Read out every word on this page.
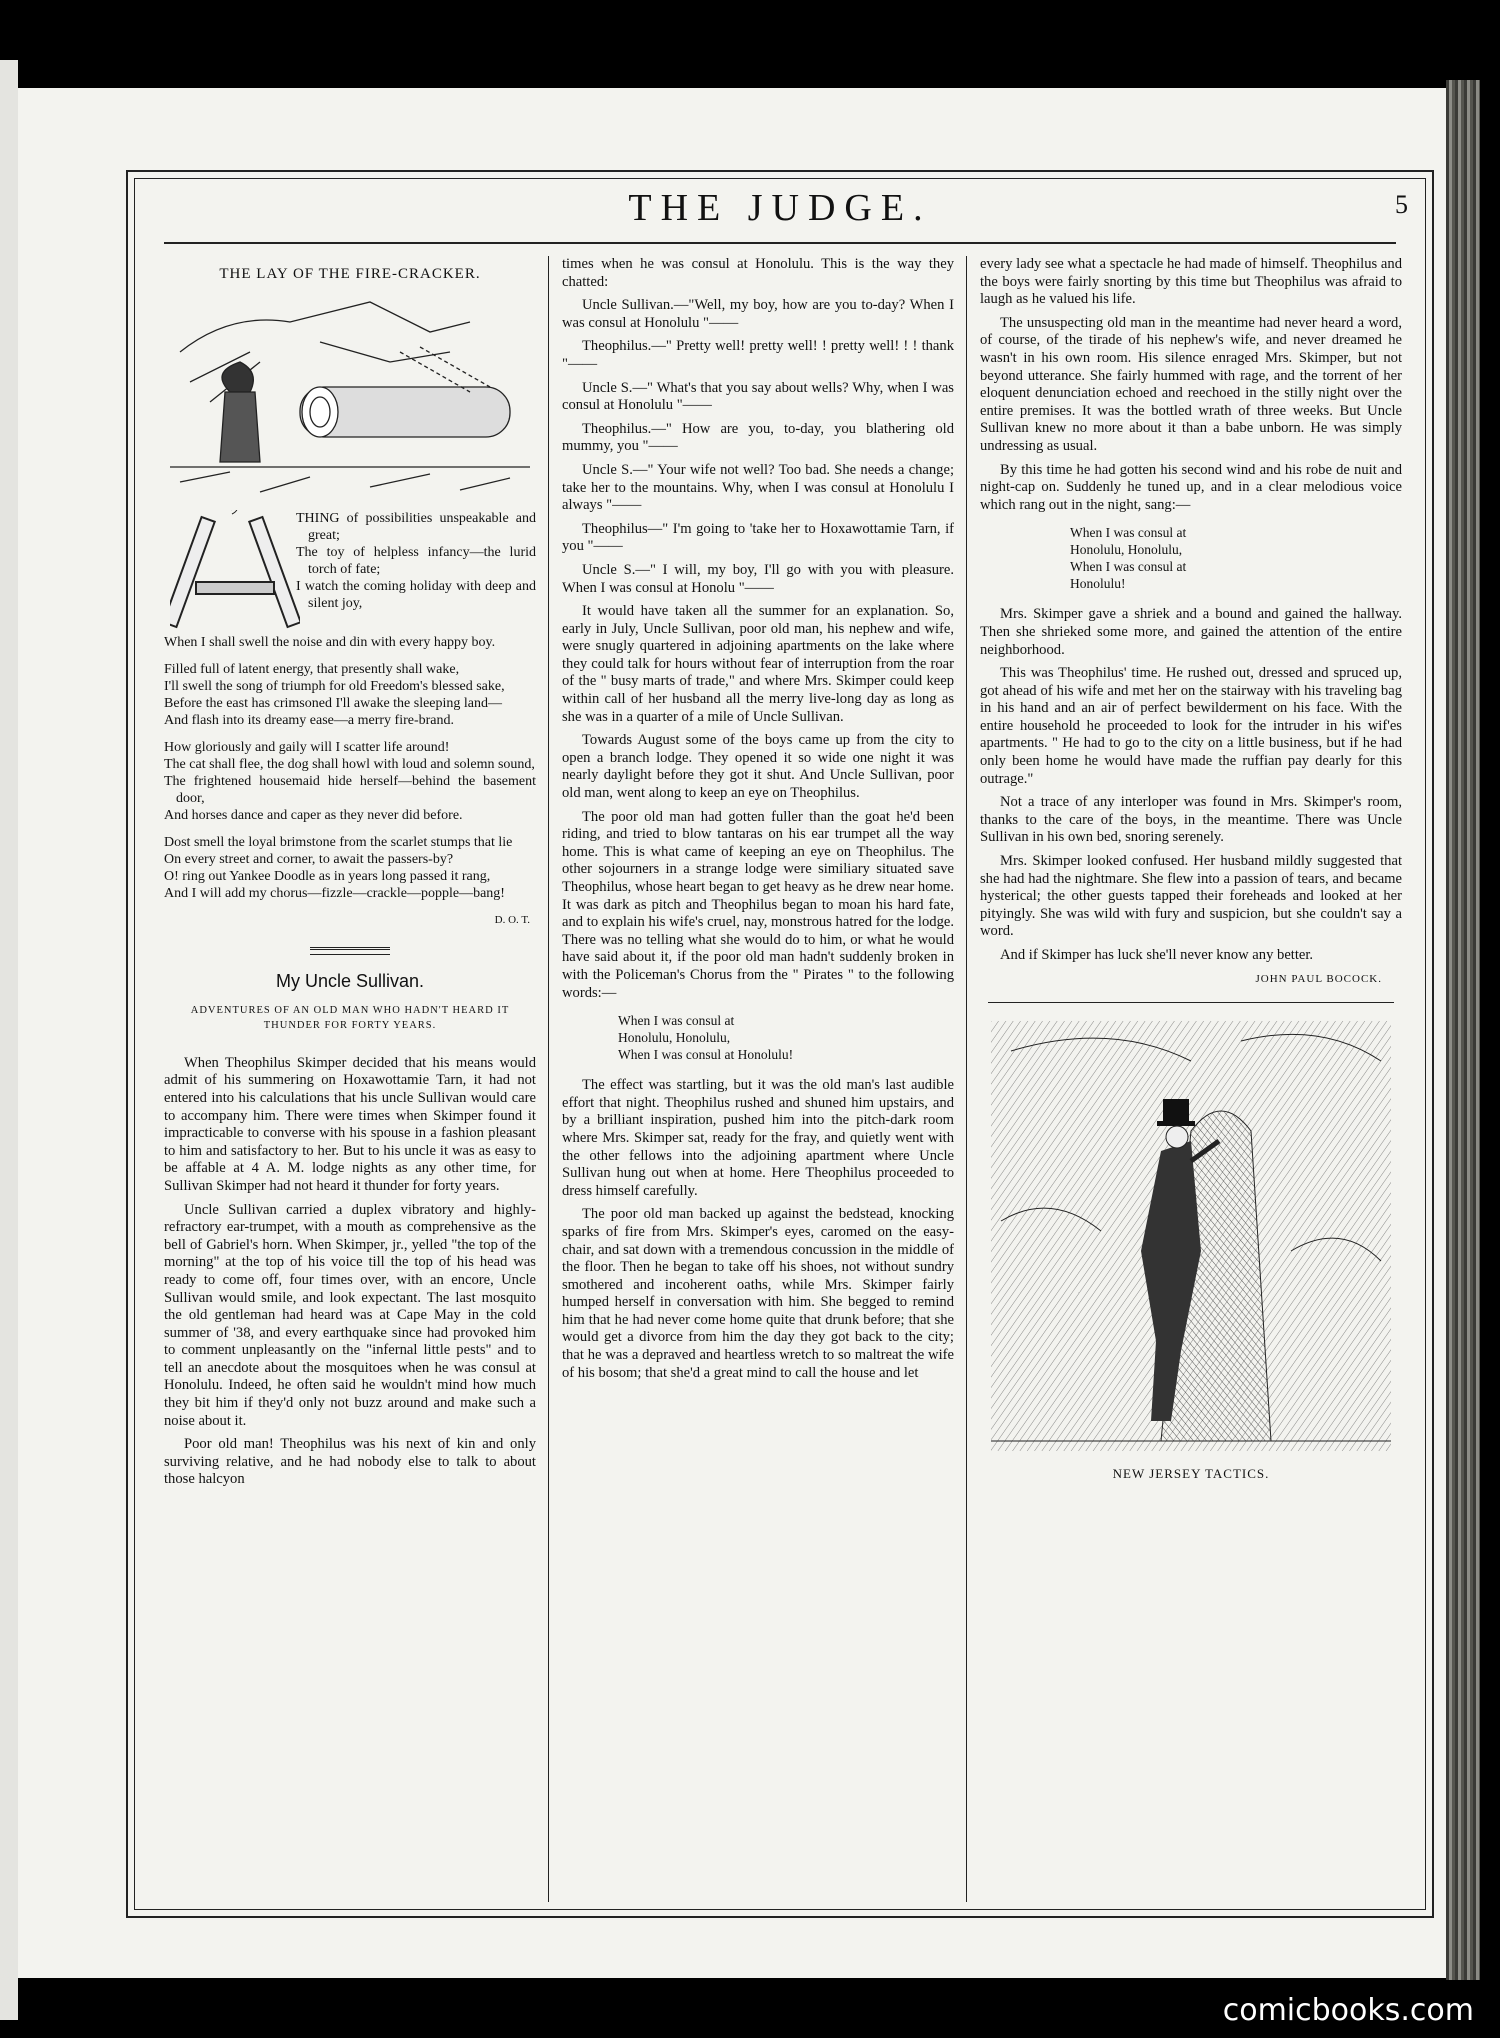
THE JUDGE.	5
THE LAY OF THE FIRE-CRACKER.
THING of possibilities unspeakable and great;
The toy of helpless infancy—the lurid torch of fate;
I watch the coming holiday with deep and silent joy,
When I shall swell the noise and din with every happy boy.
Filled full of latent energy, that presently shall wake,
I'll swell the song of triumph for old Freedom's blessed sake,
Before the east has crimsoned I'll awake the sleeping land—
And flash into its dreamy ease—a merry fire-brand.
How gloriously and gaily will I scatter life around!
The cat shall flee, the dog shall howl with loud and solemn sound,
The frightened housemaid hide herself—behind the basement door,
And horses dance and caper as they never did before.
Dost smell the loyal brimstone from the scarlet stumps that lie
On every street and corner, to await the passers-by?
O! ring out Yankee Doodle as in years long passed it rang,
And I will add my chorus—fizzle—crackle—popple—bang!
D. O. T.
My Uncle Sullivan.
ADVENTURES OF AN OLD MAN WHO HADN'T HEARD IT THUNDER FOR FORTY YEARS.

When Theophilus Skimper decided that his means would admit of his summering on Hoxawottamie Tarn, it had not entered into his calculations that his uncle Sullivan would care to accompany him. There were times when Skimper found it impracticable to converse with his spouse in a fashion pleasant to him and satisfactory to her. But to his uncle it was as easy to be affable at 4 A. M. lodge nights as any other time, for Sullivan Skimper had not heard it thunder for forty years.

Uncle Sullivan carried a duplex vibratory and highly-refractory ear-trumpet, with a mouth as comprehensive as the bell of Gabriel's horn. When Skimper, jr., yelled "the top of the morning" at the top of his voice till the top of his head was ready to come off, four times over, with an encore, Uncle Sullivan would smile, and look expectant. The last mosquito the old gentleman had heard was at Cape May in the cold summer of '38, and every earthquake since had provoked him to comment unpleasantly on the "infernal little pests" and to tell an anecdote about the mosquitoes when he was consul at Honolulu. Indeed, he often said he wouldn't mind how much they bit him if they'd only not buzz around and make such a noise about it.

Poor old man! Theophilus was his next of kin and only surviving relative, and he had nobody else to talk to about those halcyon

times when he was consul at Honolulu. This is the way they chatted:

Uncle Sullivan.—"Well, my boy, how are you to-day? When I was consul at Honolulu "——

Theophilus.—" Pretty well! pretty well! ! pretty well! ! ! thank "——

Uncle S.—" What's that you say about wells? Why, when I was consul at Honolulu "——

Theophilus.—" How are you, to-day, you blathering old mummy, you "——

Uncle S.—" Your wife not well? Too bad. She needs a change; take her to the mountains. Why, when I was consul at Honolulu I always "——

Theophilus—" I'm going to 'take her to Hoxawottamie Tarn, if you "——

Uncle S.—" I will, my boy, I'll go with you with pleasure. When I was consul at Honolu "——

It would have taken all the summer for an explanation. So, early in July, Uncle Sullivan, poor old man, his nephew and wife, were snugly quartered in adjoining apartments on the lake where they could talk for hours without fear of interruption from the roar of the " busy marts of trade," and where Mrs. Skimper could keep within call of her husband all the merry live-long day as long as she was in a quarter of a mile of Uncle Sullivan.

Towards August some of the boys came up from the city to open a branch lodge. They opened it so wide one night it was nearly daylight before they got it shut. And Uncle Sullivan, poor old man, went along to keep an eye on Theophilus.

The poor old man had gotten fuller than the goat he'd been riding, and tried to blow tantaras on his ear trumpet all the way home. This is what came of keeping an eye on Theophilus. The other sojourners in a strange lodge were similiary situated save Theophilus, whose heart began to get heavy as he drew near home. It was dark as pitch and Theophilus began to moan his hard fate, and to explain his wife's cruel, nay, monstrous hatred for the lodge. There was no telling what she would do to him, or what he would have said about it, if the poor old man hadn't suddenly broken in with the Policeman's Chorus from the " Pirates " to the following words:—

When I was consul at
Honolulu, Honolulu,
When I was consul at Honolulu!

The effect was startling, but it was the old man's last audible effort that night. Theophilus rushed and shuned him upstairs, and by a brilliant inspiration, pushed him into the pitch-dark room where Mrs. Skimper sat, ready for the fray, and quietly went with the other fellows into the adjoining apartment where Uncle Sullivan hung out when at home. Here Theophilus proceeded to dress himself carefully.

The poor old man backed up against the bedstead, knocking sparks of fire from Mrs. Skimper's eyes, caromed on the easy-chair, and sat down with a tremendous concussion in the middle of the floor. Then he began to take off his shoes, not without sundry smothered and incoherent oaths, while Mrs. Skimper fairly humped herself in conversation with him. She begged to remind him that he had never come home quite that drunk before; that she would get a divorce from him the day they got back to the city; that he was a depraved and heartless wretch to so maltreat the wife of his bosom; that she'd a great mind to call the house and let

every lady see what a spectacle he had made of himself. Theophilus and the boys were fairly snorting by this time but Theophilus was afraid to laugh as he valued his life.

The unsuspecting old man in the meantime had never heard a word, of course, of the tirade of his nephew's wife, and never dreamed he wasn't in his own room. His silence enraged Mrs. Skimper, but not beyond utterance. She fairly hummed with rage, and the torrent of her eloquent denunciation echoed and reechoed in the stilly night over the entire premises. It was the bottled wrath of three weeks. But Uncle Sullivan knew no more about it than a babe unborn. He was simply undressing as usual.

By this time he had gotten his second wind and his robe de nuit and night-cap on. Suddenly he tuned up, and in a clear melodious voice which rang out in the night, sang:—

When I was consul at
Honolulu, Honolulu,
When I was consul at
Honolulu!

Mrs. Skimper gave a shriek and a bound and gained the hallway. Then she shrieked some more, and gained the attention of the entire neighborhood.

This was Theophilus' time. He rushed out, dressed and spruced up, got ahead of his wife and met her on the stairway with his traveling bag in his hand and an air of perfect bewilderment on his face. With the entire household he proceeded to look for the intruder in his wif'es apartments. " He had to go to the city on a little business, but if he had only been home he would have made the ruffian pay dearly for this outrage."

Not a trace of any interloper was found in Mrs. Skimper's room, thanks to the care of the boys, in the meantime. There was Uncle Sullivan in his own bed, snoring serenely.

Mrs. Skimper looked confused. Her husband mildly suggested that she had had the nightmare. She flew into a passion of tears, and became hysterical; the other guests tapped their foreheads and looked at her pityingly. She was wild with fury and suspicion, but she couldn't say a word.

And if Skimper has luck she'll never know any better.

JOHN PAUL BOCOCK.
NEW JERSEY TACTICS.
comicbooks.com
